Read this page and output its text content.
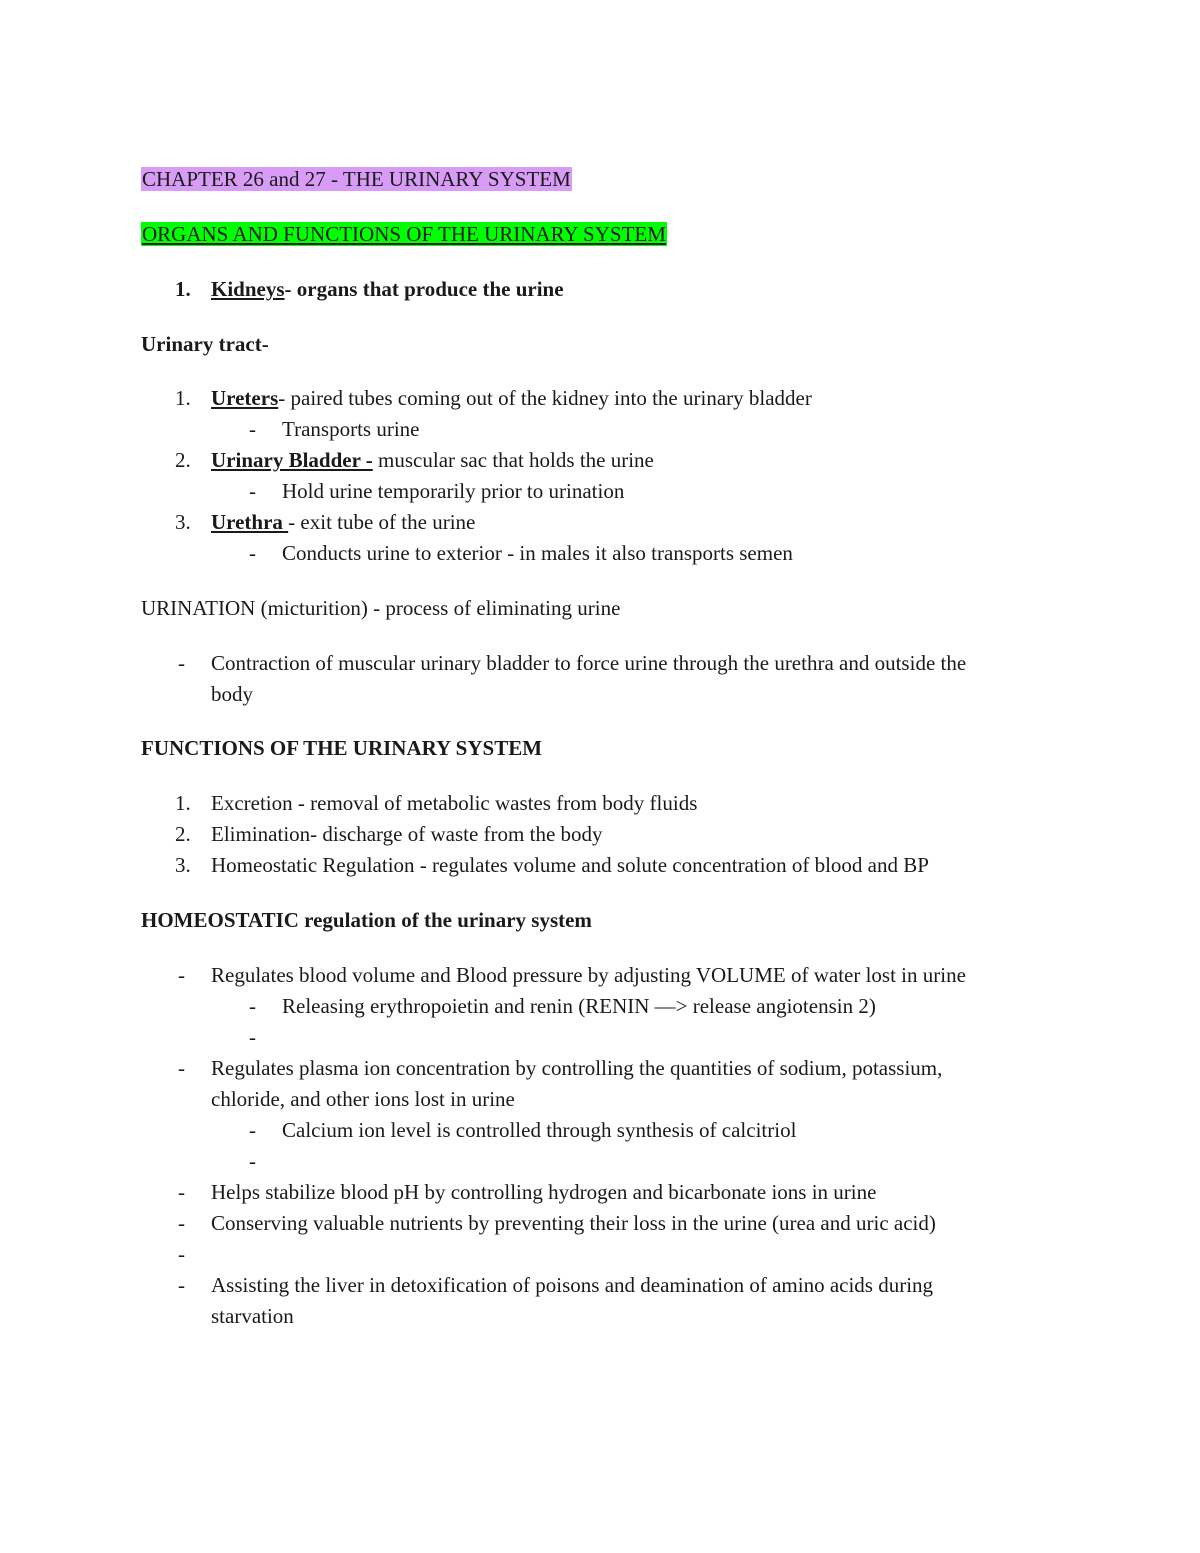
CHAPTER 26 and 27 - THE URINARY SYSTEM
ORGANS AND FUNCTIONS OF THE URINARY SYSTEM
1. Kidneys- organs that produce the urine
Urinary tract-
1. Ureters- paired tubes coming out of the kidney into the urinary bladder
- Transports urine
2. Urinary Bladder - muscular sac that holds the urine
- Hold urine temporarily prior to urination
3. Urethra - exit tube of the urine
- Conducts urine to exterior - in males it also transports semen
URINATION (micturition) - process of eliminating urine
- Contraction of muscular urinary bladder to force urine through the urethra and outside the
body
FUNCTIONS OF THE URINARY SYSTEM
1. Excretion - removal of metabolic wastes from body fluids
2. Elimination- discharge of waste from the body
3. Homeostatic Regulation - regulates volume and solute concentration of blood and BP
HOMEOSTATIC regulation of the urinary system
- Regulates blood volume and Blood pressure by adjusting VOLUME of water lost in urine
- Releasing erythropoietin and renin (RENIN —> release angiotensin 2)
-
- Regulates plasma ion concentration by controlling the quantities of sodium, potassium,
chloride, and other ions lost in urine
- Calcium ion level is controlled through synthesis of calcitriol
-
- Helps stabilize blood pH by controlling hydrogen and bicarbonate ions in urine
- Conserving valuable nutrients by preventing their loss in the urine (urea and uric acid)
-
- Assisting the liver in detoxification of poisons and deamination of amino acids during
starvation
